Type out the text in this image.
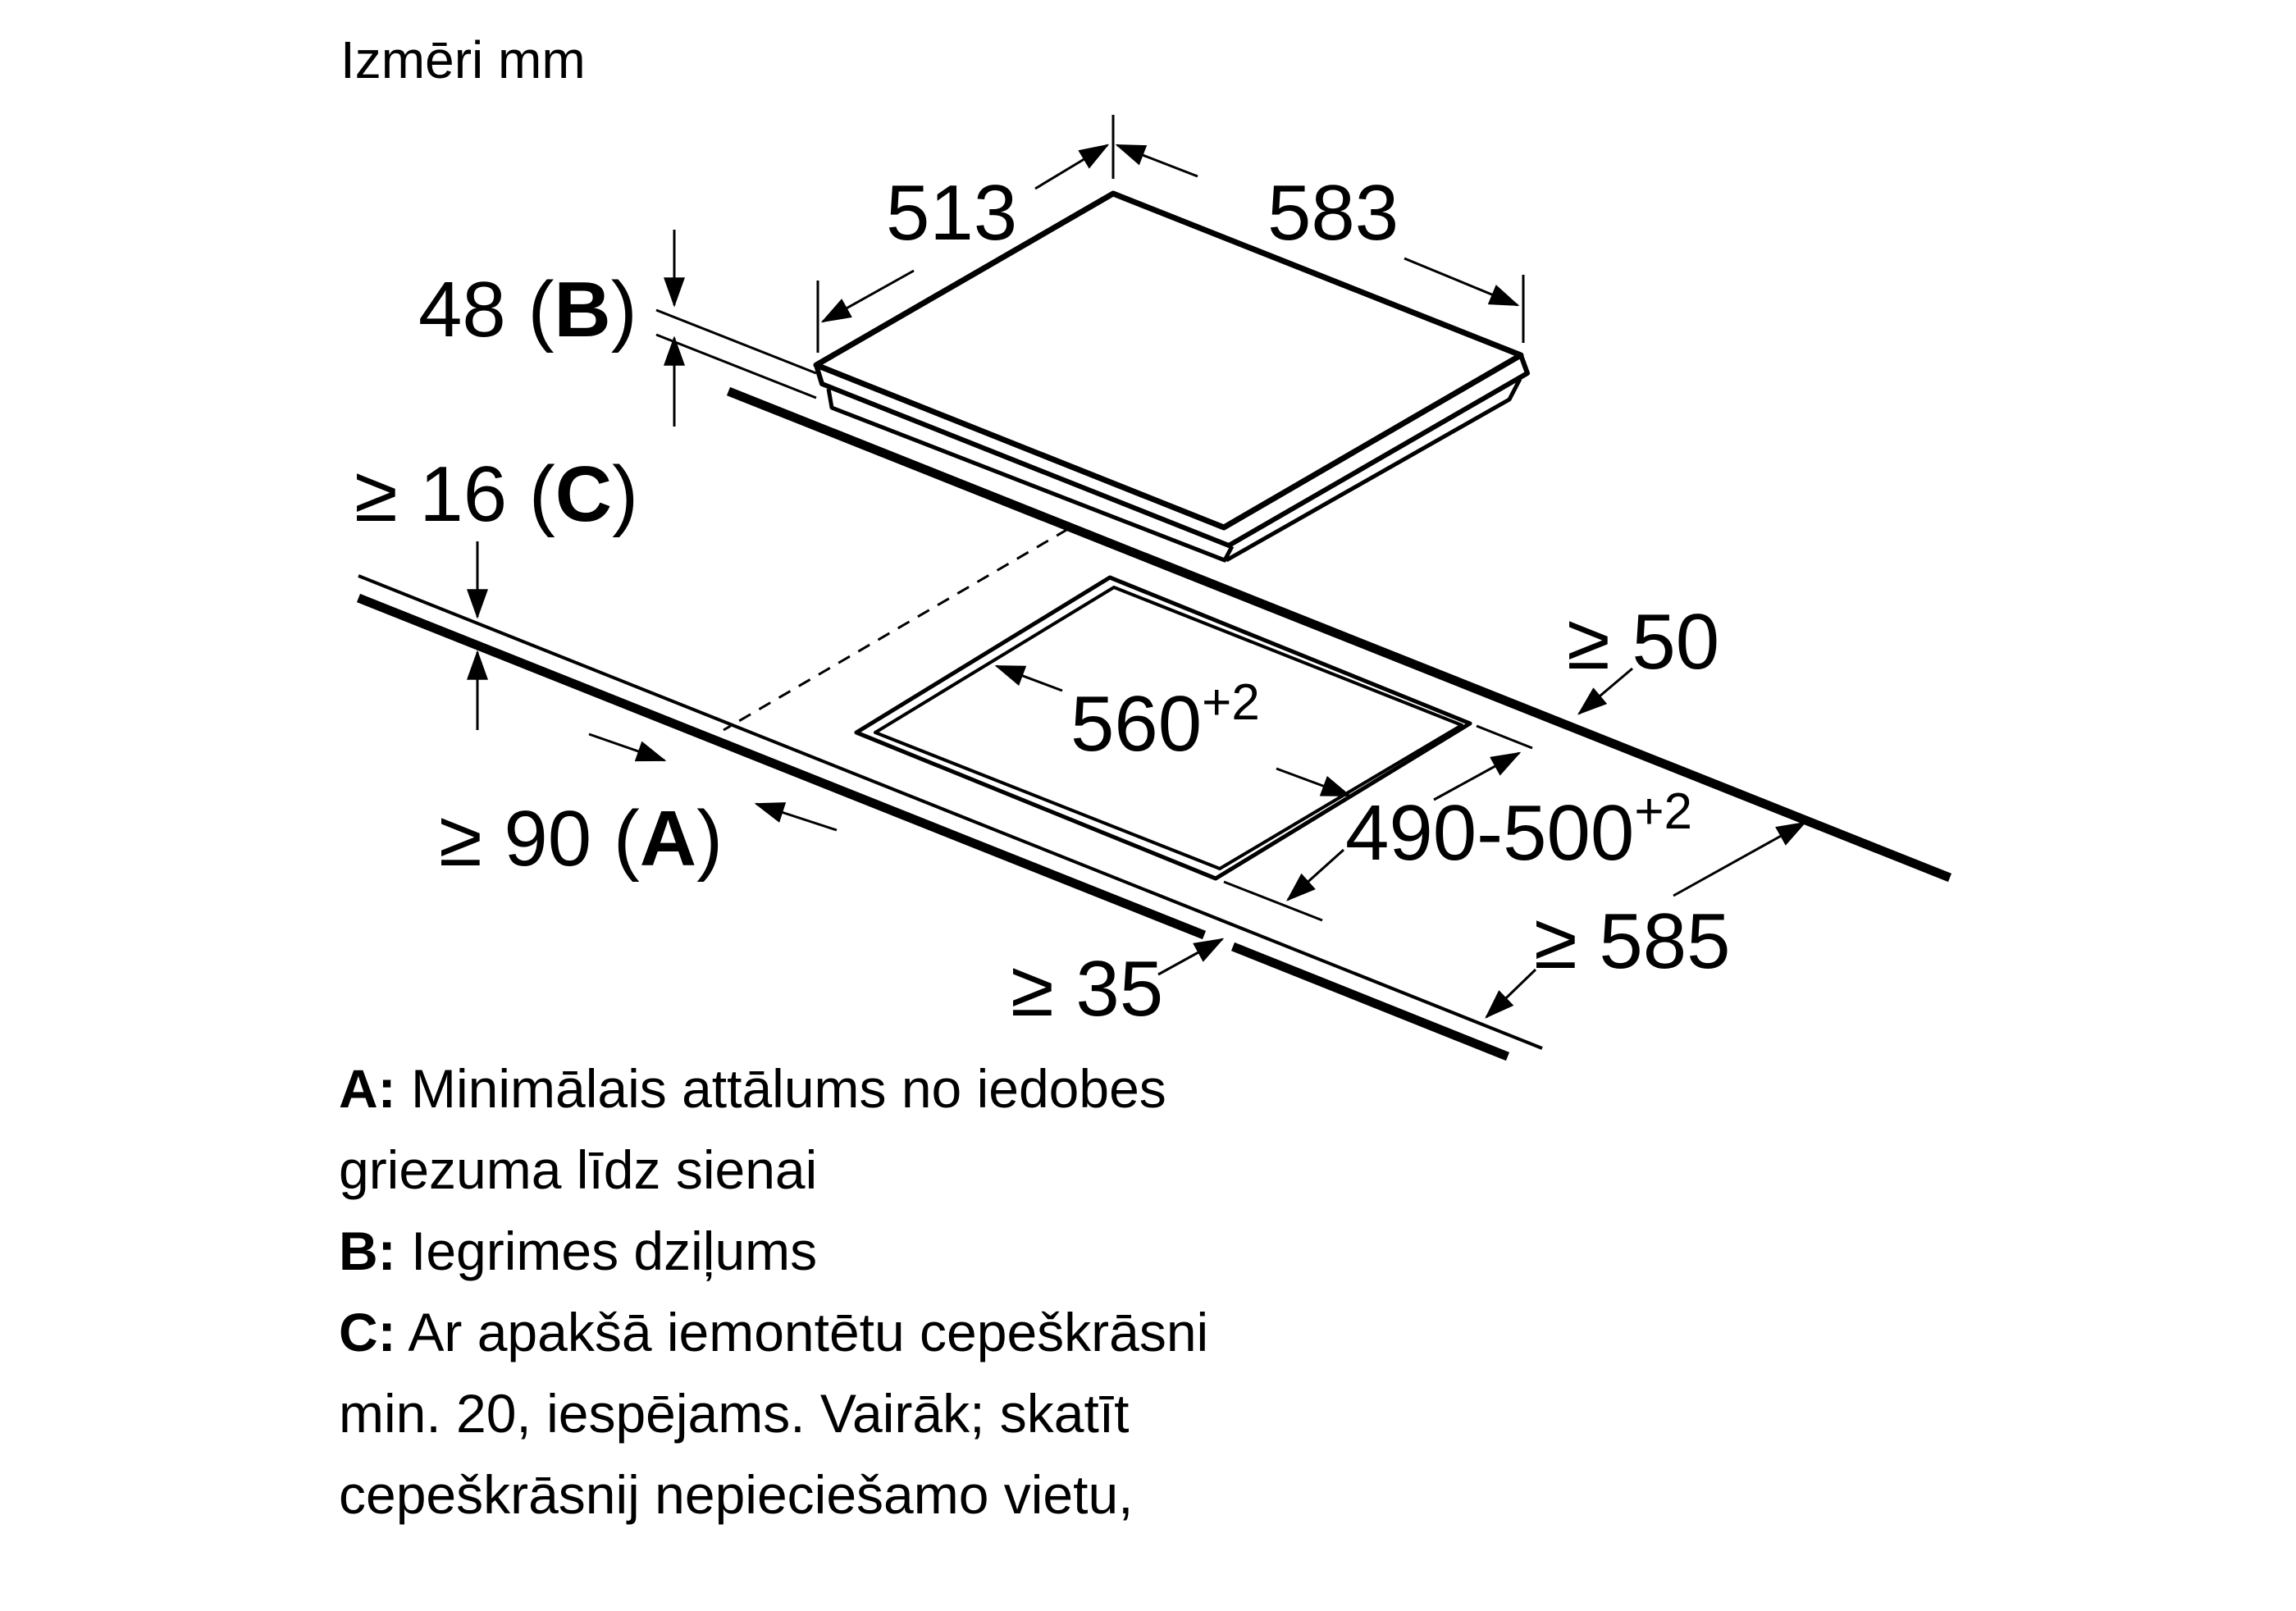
Izmēri mm
513	583
48 (B)
≥ 16 (C)
$560^{+2}$
$490-500^{+2}$
≥ 50
≥ 90 (A)
≥ 35
≥ 585

A: Minimālais attālums no iedobes

griezuma līdz sienai

B: Iegrimes dziļums

C: Ar apakšā iemontētu cepeškrāsni

min. 20, iespējams. Vairāk; skatīt

cepeškrāsnij nepieciešamo vietu,
